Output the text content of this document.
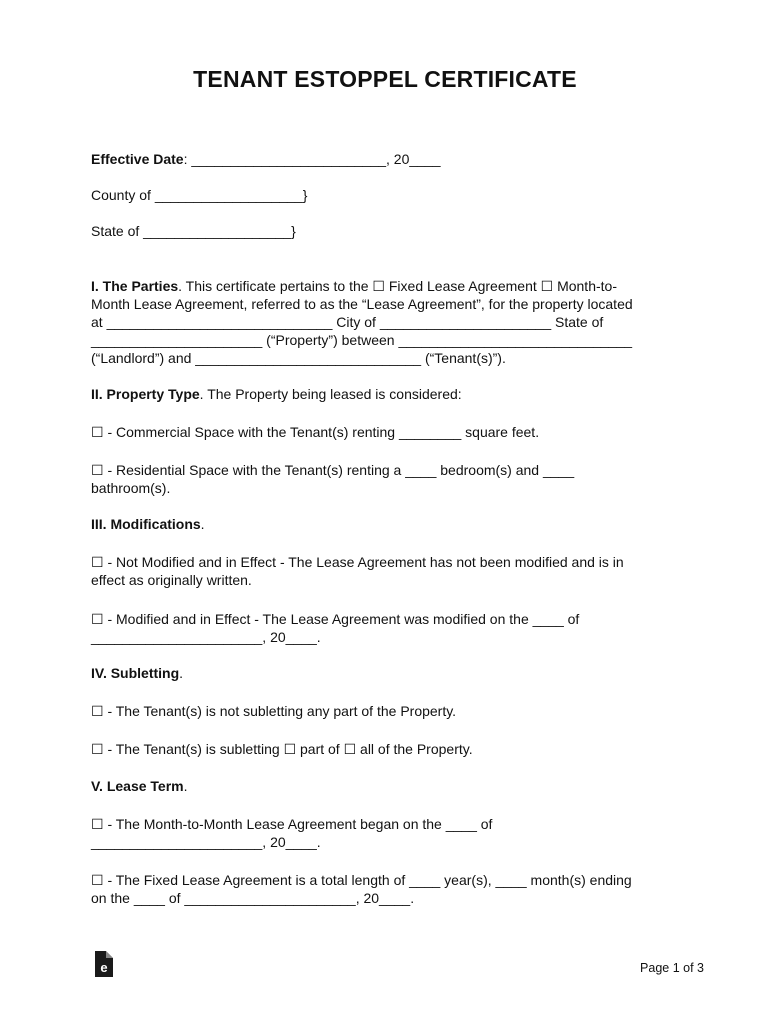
TENANT ESTOPPEL CERTIFICATE
Effective Date: _________________________, 20____
County of ___________________}
State of ___________________}
I. The Parties. This certificate pertains to the ☐ Fixed Lease Agreement ☐ Month-to-
Month Lease Agreement, referred to as the “Lease Agreement”, for the property located
at _____________________________ City of ______________________ State of
______________________ (“Property”) between ______________________________
(“Landlord”) and _____________________________ (“Tenant(s)”).
II. Property Type. The Property being leased is considered:
☐ - Commercial Space with the Tenant(s) renting ________ square feet.
☐ - Residential Space with the Tenant(s) renting a ____ bedroom(s) and ____
bathroom(s).
III. Modifications.
☐ - Not Modified and in Effect - The Lease Agreement has not been modified and is in
effect as originally written.
☐ - Modified and in Effect - The Lease Agreement was modified on the ____ of
______________________, 20____.
IV. Subletting.
☐ - The Tenant(s) is not subletting any part of the Property.
☐ - The Tenant(s) is subletting ☐ part of ☐ all of the Property.
V. Lease Term.
☐ - The Month-to-Month Lease Agreement began on the ____ of
______________________, 20____.
☐ - The Fixed Lease Agreement is a total length of ____ year(s), ____ month(s) ending
on the ____ of ______________________, 20____.
e	Page 1 of 3
